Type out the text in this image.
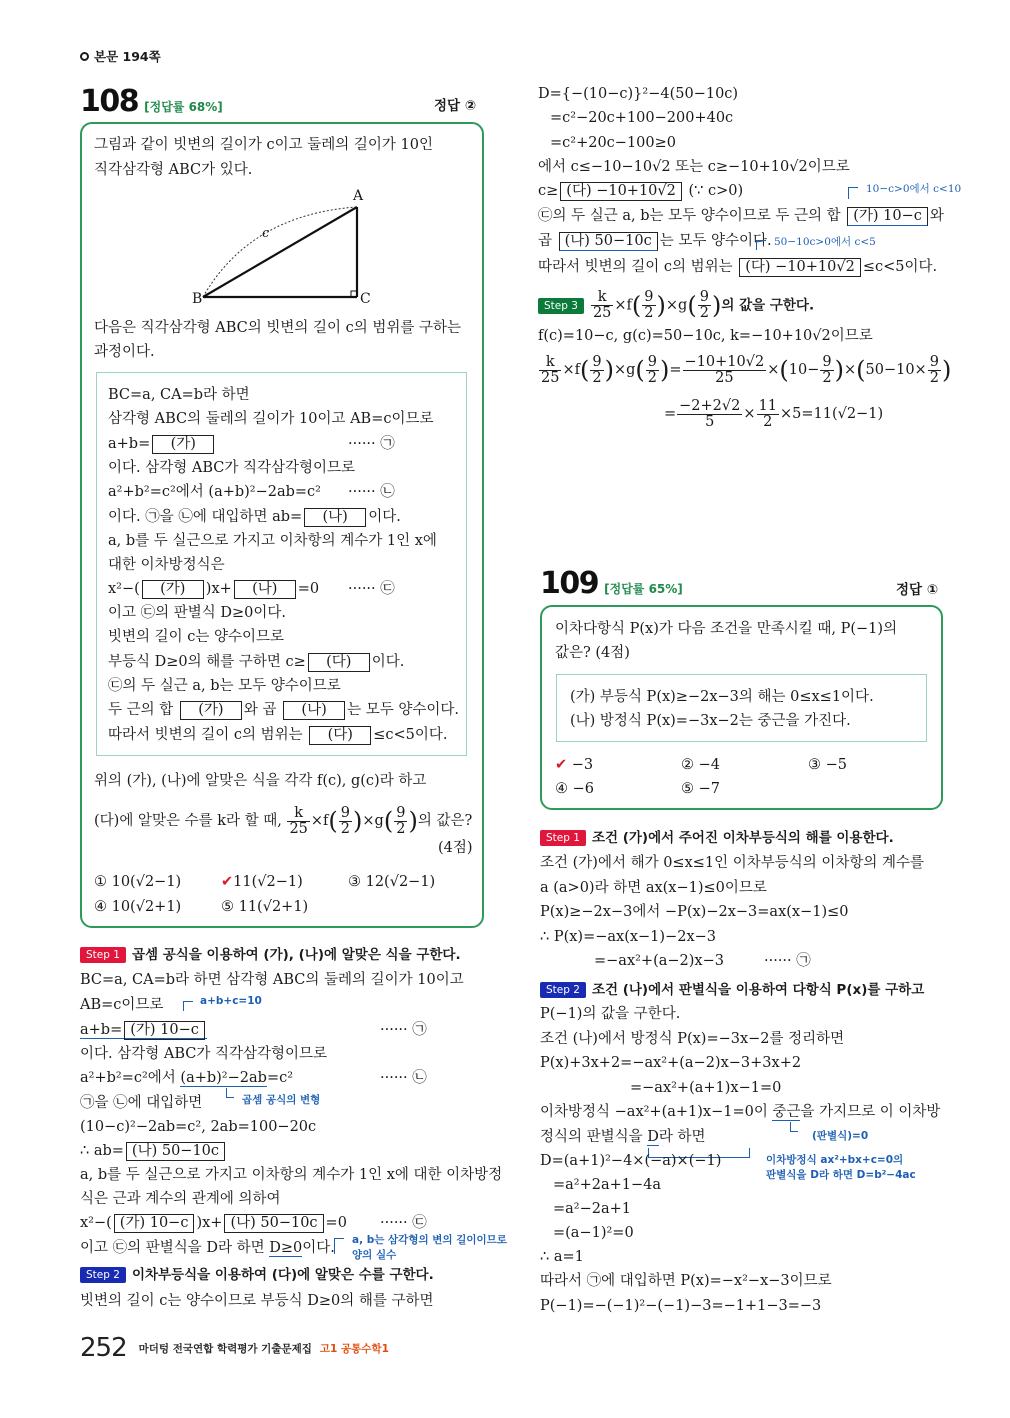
본문 194쪽
108 [정답률 68%]	정답 ②
그림과 같이 빗변의 길이가 c이고 둘레의 길이가 10인
직각삼각형 ABC가 있다.
A
B	C
c
다음은 직각삼각형 ABC의 빗변의 길이 c의 범위를 구하는
과정이다.
BC=a, CA=b라 하면
삼각형 ABC의 둘레의 길이가 10이고 AB=c이므로
a+b= (가)	······ ㉠
이다. 삼각형 ABC가 직각삼각형이므로
a²+b²=c²에서 (a+b)²−2ab=c² ······ ㉡
이다. ㉠을 ㉡에 대입하면 ab= (나) 이다.
a, b를 두 실근으로 가지고 이차항의 계수가 1인 x에
대한 이차방정식은
x²−( (가) )x+ (나) =0 ······ ㉢
이고 ㉢의 판별식 D≥0이다.
빗변의 길이 c는 양수이므로
부등식 D≥0의 해를 구하면 c≥ (다) 이다.
㉢의 두 실근 a, b는 모두 양수이므로
두 근의 합 (가) 와 곱 (나) 는 모두 양수이다.
따라서 빗변의 길이 c의 범위는 (다) ≤c<5이다.
위의 (가), (나)에 알맞은 식을 각각 f(c), g(c)라 하고
(다)에 알맞은 수를 k라 할 때, $\frac{k}{25} \times f( \frac{9}{2} )\times g( \frac{9}{2}$ )의 값은?
(4점)
① 10(√2−1)	✔11(√2−1)	③ 12(√2−1)
④ 10(√2+1)	⑤ 11(√2+1)
Step 1 곱셈 공식을 이용하여 (가), (나)에 알맞은 식을 구한다.
BC=a, CA=b라 하면 삼각형 ABC의 둘레의 길이가 10이고
AB=c이므로	a+b+c=10
a+b= (가) 10−c	······ ㉠
이다. 삼각형 ABC가 직각삼각형이므로
a²+b²=c²에서 (a+b)²−2ab=c²	······ ㉡
㉠을 ㉡에 대입하면	곱셈 공식의 변형
(10−c)²−2ab=c², 2ab=100−20c
∴ ab= (나) 50−10c
a, b를 두 실근으로 가지고 이차항의 계수가 1인 x에 대한 이차방정
식은 근과 계수의 관계에 의하여
x²−( (가) 10−c )x+ (나) 50−10c =0 ······ ㉢
이고 ㉢의 판별식을 D라 하면 D≥0이다. a, b는 삼각형의 변의 길이이므로
양의 실수
Step 2 이차부등식을 이용하여 (다)에 알맞은 수를 구한다.
빗변의 길이 c는 양수이므로 부등식 D≥0의 해를 구하면
D={−(10−c)}²−4(50−10c)
=c²−20c+100−200+40c
=c²+20c−100≥0
에서 c≤−10−10√2 또는 c≥−10+10√2이므로
c≥ (다) −10+10√2 (∵ c>0)	10−c>0에서 c<10
㉢의 두 실근 a, b는 모두 양수이므로 두 근의 합 (가) 10−c 와
곱 (나) 50−10c 는 모두 양수이다. 50−10c>0에서 c<5
따라서 빗변의 길이 c의 범위는 (다) −10+10√2 ≤c<5이다.
Step $3 \frac{k}{25} \times f( \frac{9}{2} )\times g( \frac{9}{2}$ )의 값을 구한다.
f(c)=10−c, g(c)=50−10c, k=−10+10√2이므로
$\frac{k}{25} \times f( \frac{9}{2} )\times g( \frac{9}{2}$ )= $\frac{-10+10√2}{25} \times(10- \frac{9}{2} )\times(50-10\times \frac{9}{2}$ )
= $\frac{-2+2√2}{5} \times \frac{11}{2} \times 5=11(√2-1)$
109 [정답률 65%]	정답 ①
이차다항식 P(x)가 다음 조건을 만족시킬 때, P(−1)의
값은? (4점)
(가) 부등식 P(x)≥−2x−3의 해는 0≤x≤1이다.
(나) 방정식 P(x)=−3x−2는 중근을 가진다.
✔ −3	② −4	③ −5
④ −6	⑤ −7
Step 1 조건 (가)에서 주어진 이차부등식의 해를 이용한다.
조건 (가)에서 해가 0≤x≤1인 이차부등식의 이차항의 계수를
a (a>0)라 하면 ax(x−1)≤0이므로
P(x)≥−2x−3에서 −P(x)−2x−3=ax(x−1)≤0
∴ P(x)=−ax(x−1)−2x−3
=−ax²+(a−2)x−3	······ ㉠
Step 2 조건 (나)에서 판별식을 이용하여 다항식 P(x)를 구하고
P(−1)의 값을 구한다.
조건 (나)에서 방정식 P(x)=−3x−2를 정리하면
P(x)+3x+2=−ax²+(a−2)x−3+3x+2
=−ax²+(a+1)x−1=0
이차방정식 −ax²+(a+1)x−1=0이 중근을 가지므로 이 이차방
(판별식)=0
정식의 판별식을 D라 하면
이차방정식 ax²+bx+c=0의
판별식을 D라 하면 D=b²−4ac
D=(a+1)²−4×(−a)×(−1)
=a²+2a+1−4a
=a²−2a+1
=(a−1)²=0
∴ a=1
따라서 ㉠에 대입하면 P(x)=−x²−x−3이므로
P(−1)=−(−1)²−(−1)−3=−1+1−3=−3
252 마더텅 전국연합 학력평가 기출문제집 고1 공통수학1
